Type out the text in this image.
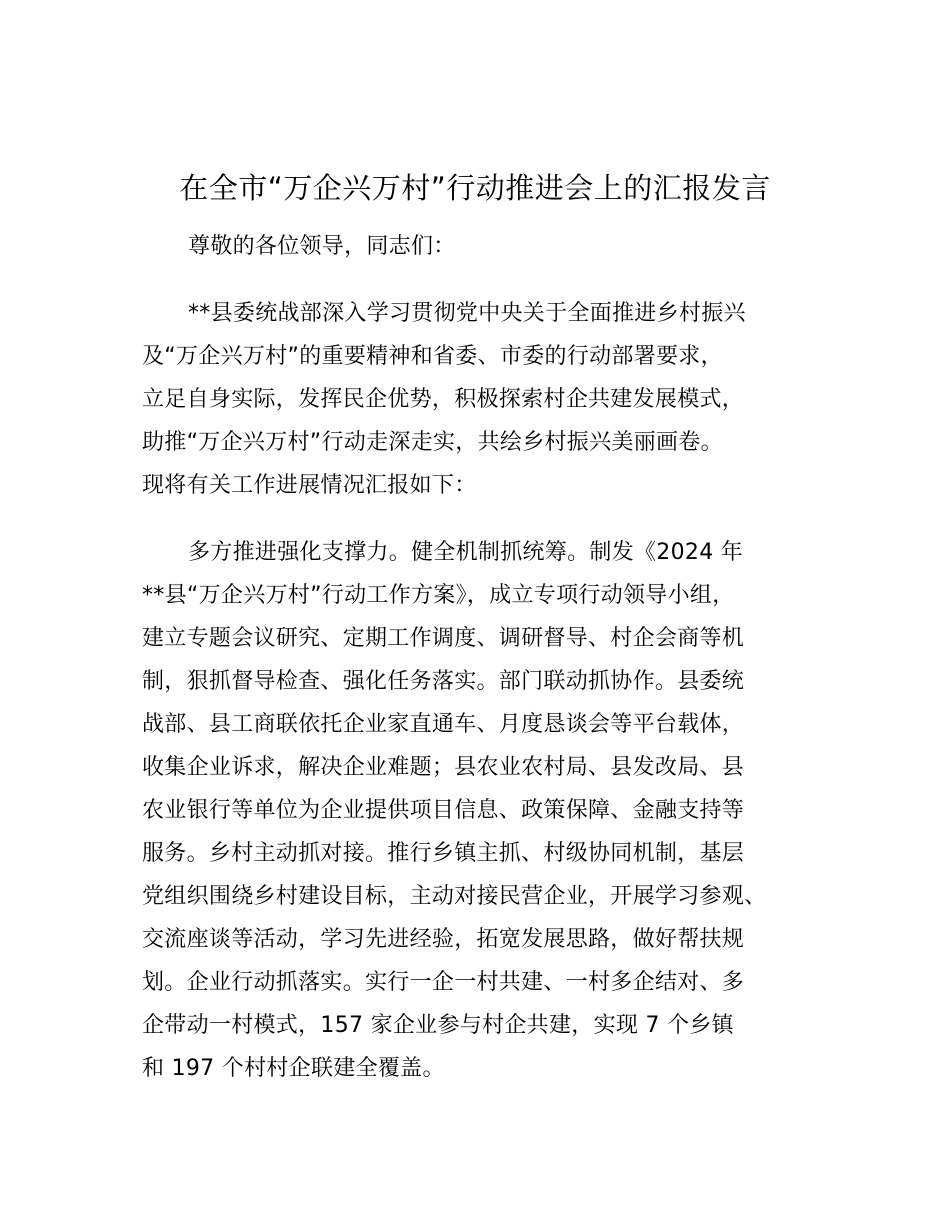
在全市“万企兴万村”行动推进会上的汇报发言
尊敬的各位领导，同志们：
**县委统战部深入学习贯彻党中央关于全面推进乡村振兴
及“万企兴万村”的重要精神和省委、市委的行动部署要求，
立足自身实际，发挥民企优势，积极探索村企共建发展模式，
助推“万企兴万村”行动走深走实，共绘乡村振兴美丽画卷。
现将有关工作进展情况汇报如下：
多方推进强化支撑力。健全机制抓统筹。制发《2024 年
**县“万企兴万村”行动工作方案》，成立专项行动领导小组，
建立专题会议研究、定期工作调度、调研督导、村企会商等机
制，狠抓督导检查、强化任务落实。部门联动抓协作。县委统
战部、县工商联依托企业家直通车、月度恳谈会等平台载体，
收集企业诉求，解决企业难题；县农业农村局、县发改局、县
农业银行等单位为企业提供项目信息、政策保障、金融支持等
服务。乡村主动抓对接。推行乡镇主抓、村级协同机制，基层
党组织围绕乡村建设目标，主动对接民营企业，开展学习参观、
交流座谈等活动，学习先进经验，拓宽发展思路，做好帮扶规
划。企业行动抓落实。实行一企一村共建、一村多企结对、多
企带动一村模式，157 家企业参与村企共建，实现 7 个乡镇
和 197 个村村企联建全覆盖。
